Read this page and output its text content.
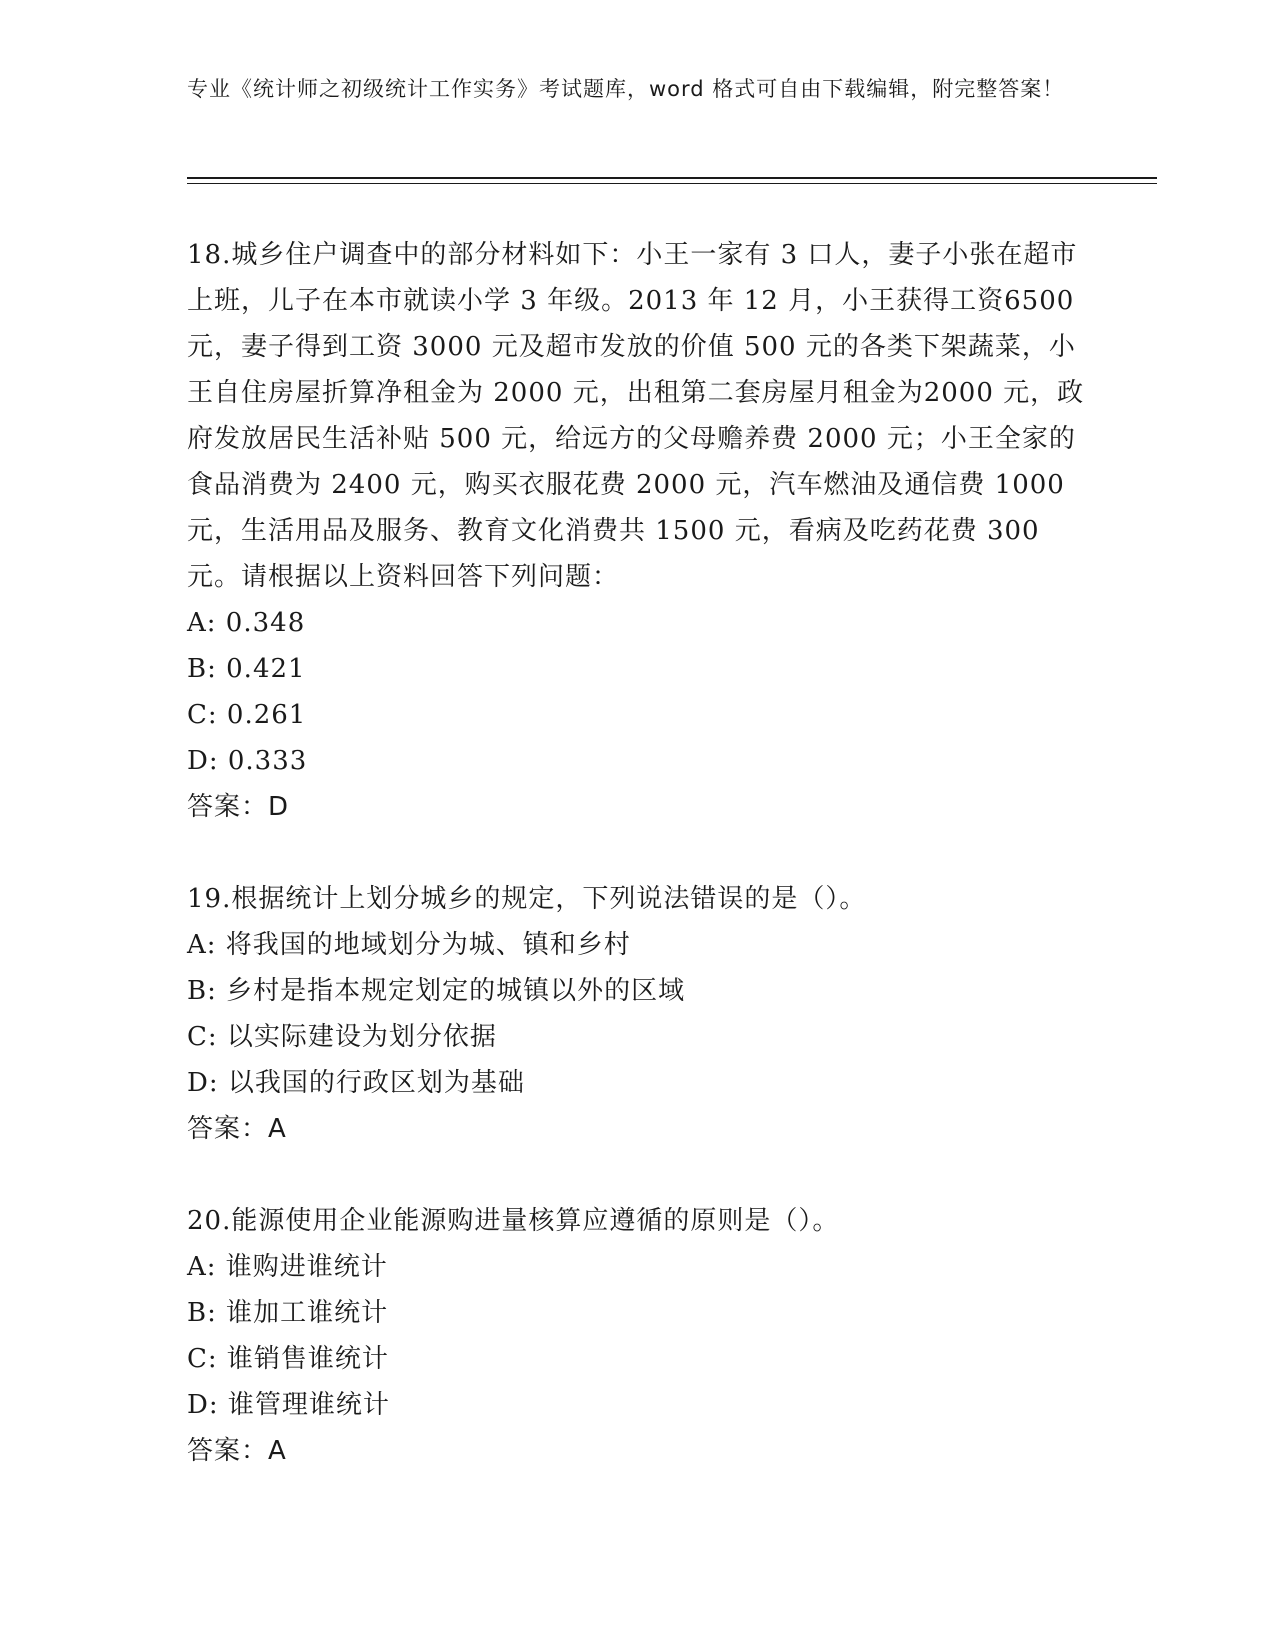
专业《统计师之初级统计工作实务》考试题库，word 格式可自由下载编辑，附完整答案！

18.城乡住户调查中的部分材料如下：小王一家有 3 口人，妻子小张在超市上班，儿子在本市就读小学 3 年级。2013 年 12 月，小王获得工资6500 元，妻子得到工资 3000 元及超市发放的价值 500 元的各类下架蔬菜，小王自住房屋折算净租金为 2000 元，出租第二套房屋月租金为2000 元，政府发放居民生活补贴 500 元，给远方的父母赡养费 2000 元；小王全家的食品消费为 2400 元，购买衣服花费 2000 元，汽车燃油及通信费 1000 元，生活用品及服务、教育文化消费共 1500 元，看病及吃药花费 300 元。请根据以上资料回答下列问题：

A: 0.348

B: 0.421

C: 0.261

D: 0.333

答案：D

19.根据统计上划分城乡的规定，下列说法错误的是（）。

A: 将我国的地域划分为城、镇和乡村

B: 乡村是指本规定划定的城镇以外的区域

C: 以实际建设为划分依据

D: 以我国的行政区划为基础

答案：A

20.能源使用企业能源购进量核算应遵循的原则是（）。

A: 谁购进谁统计

B: 谁加工谁统计

C: 谁销售谁统计

D: 谁管理谁统计

答案：A
